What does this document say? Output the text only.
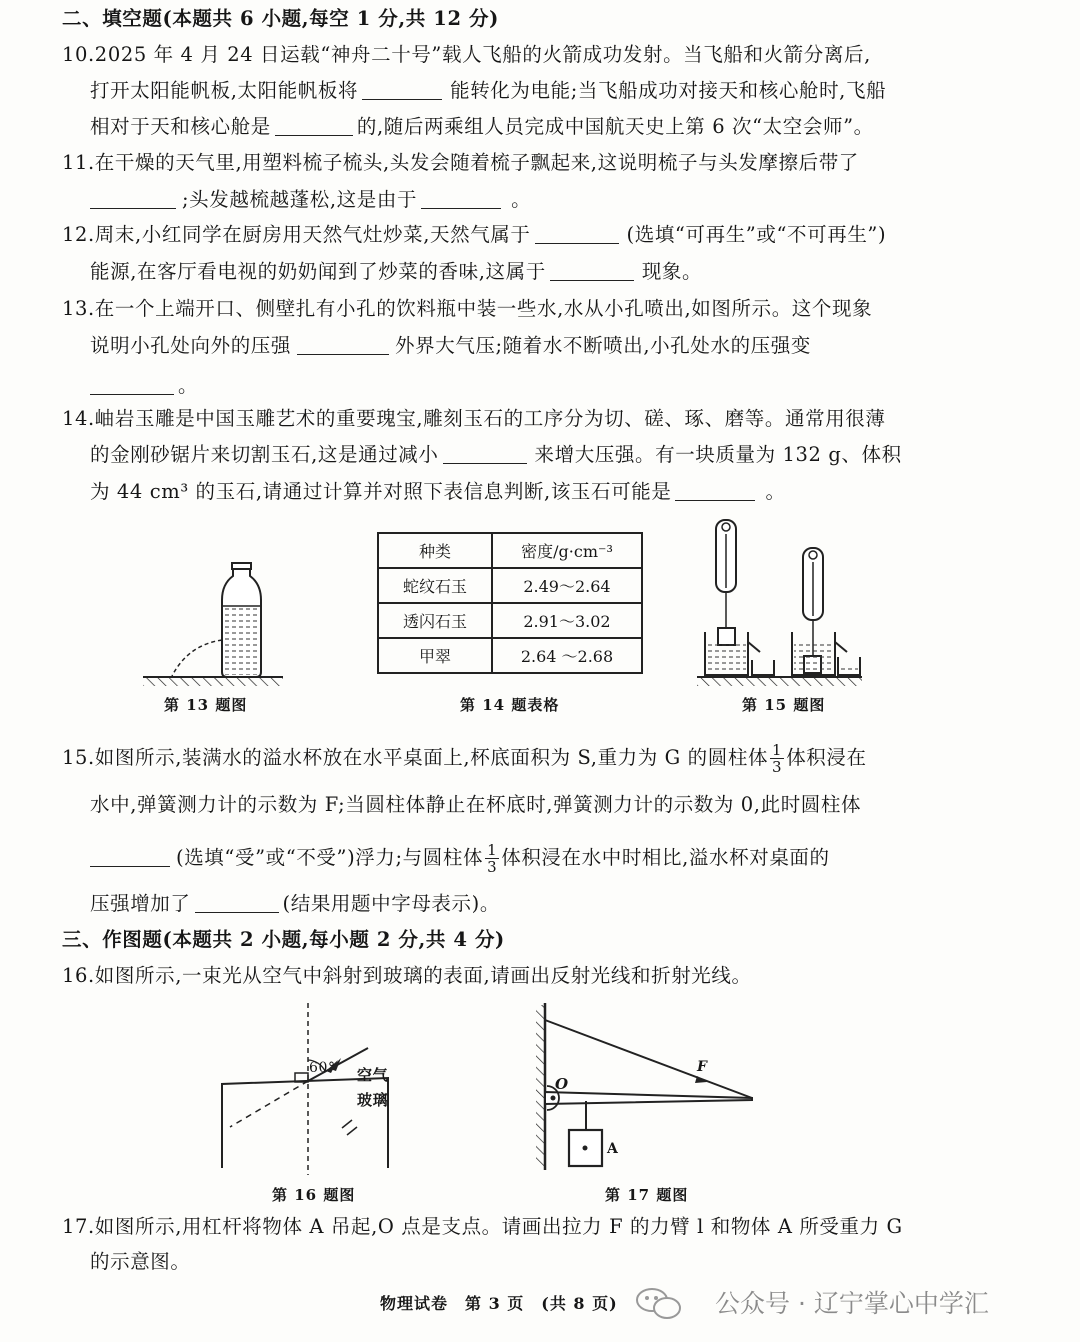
二、填空题(本题共 6 小题,每空 1 分,共 12 分)
10.2025 年 4 月 24 日运载“神舟二十号”载人飞船的火箭成功发射。当飞船和火箭分离后,
打开太阳能帆板,太阳能帆板将	能转化为电能;当飞船成功对接天和核心舱时,飞船
相对于天和核心舱是	的,随后两乘组人员完成中国航天史上第 6 次“太空会师”。
11.在干燥的天气里,用塑料梳子梳头,头发会随着梳子飘起来,这说明梳子与头发摩擦后带了
;头发越梳越蓬松,这是由于	。
12.周末,小红同学在厨房用天然气灶炒菜,天然气属于	(选填“可再生”或“不可再生”)
能源,在客厅看电视的奶奶闻到了炒菜的香味,这属于	现象。
13.在一个上端开口、侧壁扎有小孔的饮料瓶中装一些水,水从小孔喷出,如图所示。这个现象
说明小孔处向外的压强	外界大气压;随着水不断喷出,小孔处水的压强变
。
14.岫岩玉雕是中国玉雕艺术的重要瑰宝,雕刻玉石的工序分为切、磋、琢、磨等。通常用很薄
的金刚砂锯片来切割玉石,这是通过减小	来增大压强。有一块质量为 132 g、体积
为 44 cm³ 的玉石,请通过计算并对照下表信息判断,该玉石可能是	。
种类	密度/g·cm⁻³
蛇纹石玉	2.49～2.64
透闪石玉	2.91～3.02
甲翠	2.64 ～2.68
60° 空气
玻璃
O
F
A
第 13 题图	第 14 题表格	第 15 题图
第 16 题图	第 17 题图
15.如图所示,装满水的溢水杯放在水平桌面上,杯底面积为 S,重力为 G 的圆柱体 $\frac{1}{3}$ 体积浸在
水中,弹簧测力计的示数为 F;当圆柱体静止在杯底时,弹簧测力计的示数为 0,此时圆柱体
(选填“受”或“不受”)浮力;与圆柱体 $\frac{1}{3}$ 体积浸在水中时相比,溢水杯对桌面的
压强增加了	(结果用题中字母表示)。
三、作图题(本题共 2 小题,每小题 2 分,共 4 分)
16.如图所示,一束光从空气中斜射到玻璃的表面,请画出反射光线和折射光线。
17.如图所示,用杠杆将物体 A 吊起,O 点是支点。请画出拉力 F 的力臂 l 和物体 A 所受重力 G
的示意图。
物理试卷　第 3 页　(共 8 页)	公众号 · 辽宁掌心中学汇
